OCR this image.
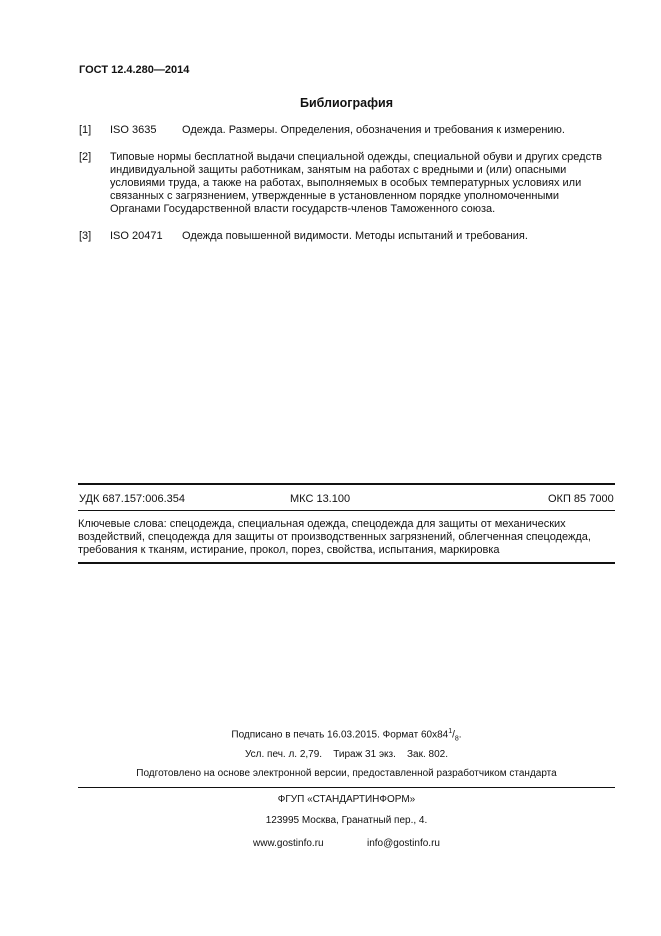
ГОСТ 12.4.280—2014
Библиография
[1] ISO 3635 Одежда. Размеры. Определения, обозначения и требования к измерению.
[2] Типовые нормы бесплатной выдачи специальной одежды, специальной обуви и других средств
индивидуальной защиты работникам, занятым на работах с вредными и (или) опасными
условиями труда, а также на работах, выполняемых в особых температурных условиях или
связанных с загрязнением, утвержденные в установленном порядке уполномоченными
Органами Государственной власти государств-членов Таможенного союза.
[3] ISO 20471 Одежда повышенной видимости. Методы испытаний и требования.
УДК 687.157:006.354	МКС 13.100	ОКП 85 7000
Ключевые слова: спецодежда, специальная одежда, спецодежда для защиты от механических
воздействий, спецодежда для защиты от производственных загрязнений, облегченная спецодежда,
требования к тканям, истирание, прокол, порез, свойства, испытания, маркировка
Подписано в печать 16.03.2015. Формат $60x84^1/_8$.
Усл. печ. л. 2,79.    Тираж 31 экз.    Зак. 802.
Подготовлено на основе электронной версии, предоставленной разработчиком стандарта
ФГУП «СТАНДАРТИНФОРМ»
123995 Москва, Гранатный пер., 4.
www.gostinfo.ru	info@gostinfo.ru
